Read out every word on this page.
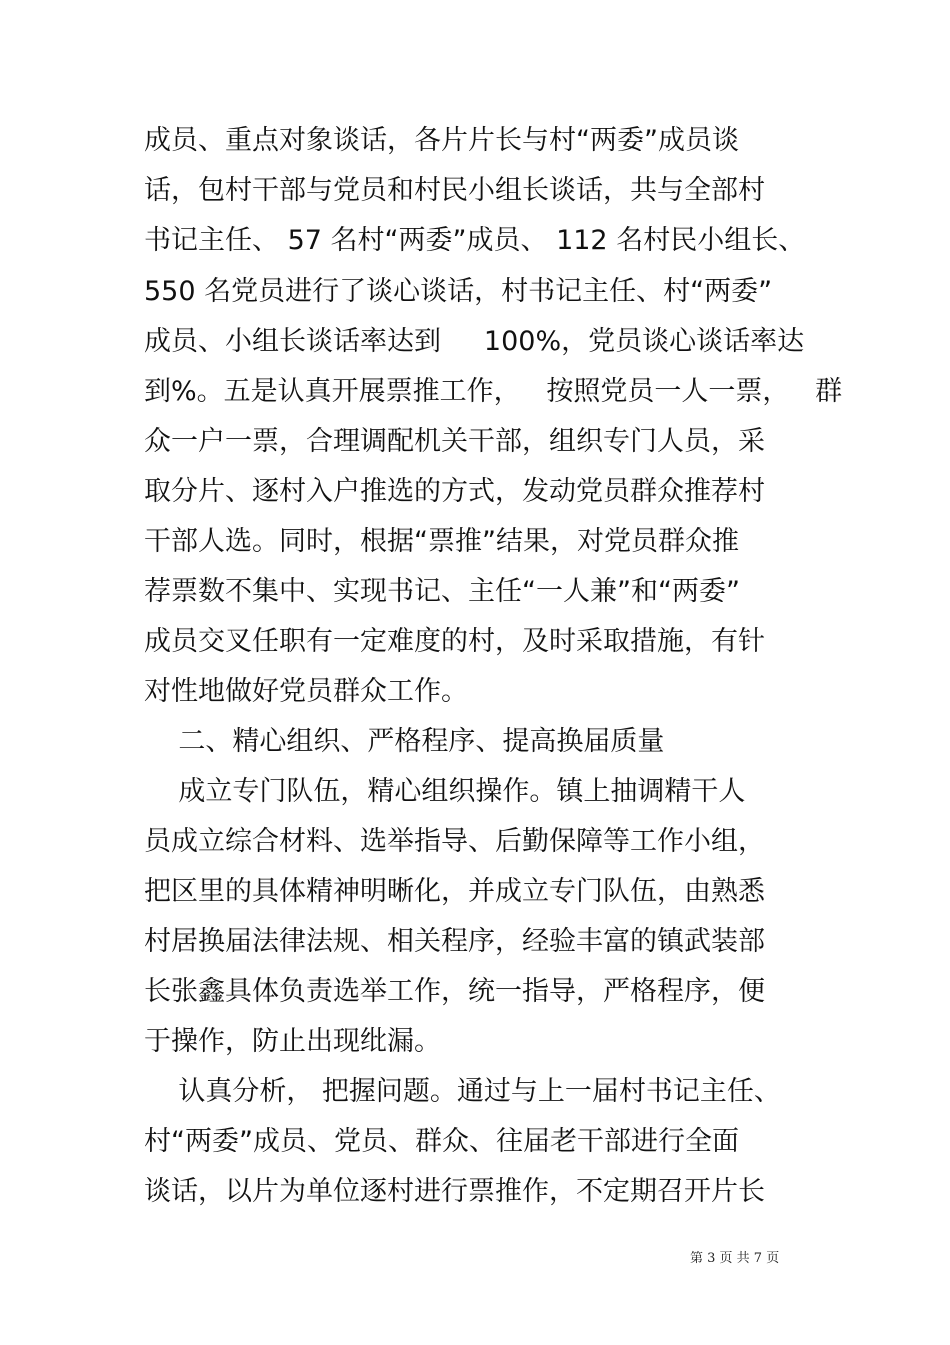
成员、重点对象谈话，各片片长与村“两委”成员谈
话，包村干部与党员和村民小组长谈话，共与全部村
书记主任、 57 名村“两委”成员、 112 名村民小组长、
550 名党员进行了谈心谈话，村书记主任、村“两委”
成员、小组长谈话率达到     100%，党员谈心谈话率达
到%。五是认真开展票推工作，   按照党员一人一票，   群
众一户一票，合理调配机关干部，组织专门人员，采
取分片、逐村入户推选的方式，发动党员群众推荐村
干部人选。同时，根据“票推”结果，对党员群众推
荐票数不集中、实现书记、主任“一人兼”和“两委”
成员交叉任职有一定难度的村，及时采取措施，有针
对性地做好党员群众工作。
二、精心组织、严格程序、提高换届质量
成立专门队伍，精心组织操作。镇上抽调精干人
员成立综合材料、选举指导、后勤保障等工作小组，
把区里的具体精神明晰化，并成立专门队伍，由熟悉
村居换届法律法规、相关程序，经验丰富的镇武装部
长张鑫具体负责选举工作，统一指导，严格程序，便
于操作，防止出现纰漏。
认真分析， 把握问题。通过与上一届村书记主任、
村“两委”成员、党员、群众、往届老干部进行全面
谈话，以片为单位逐村进行票推作，不定期召开片长
第 3 页 共 7 页
